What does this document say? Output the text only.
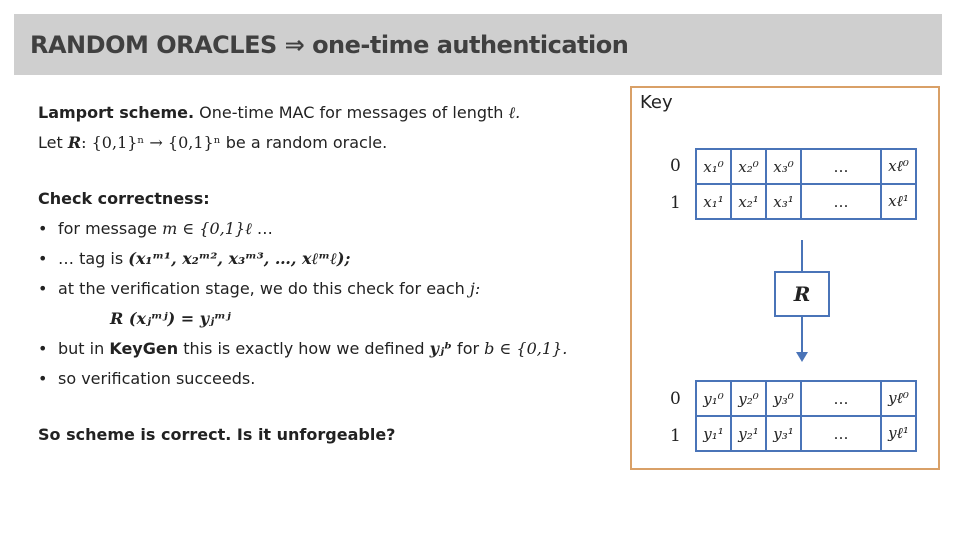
RANDOM ORACLES ⇒ one-time authentication
Lamport scheme. One-time MAC for messages of length ℓ.
Let R: {0,1}ⁿ → {0,1}ⁿ be a random oracle.
Check correctness:
• for message m ∈ {0,1}ℓ …
• … tag is (x₁ᵐ¹, x₂ᵐ², x₃ᵐ³, …, xℓᵐℓ);
• at the verification stage, we do this check for each j:
R (xⱼᵐʲ) = yⱼᵐʲ
• but in KeyGen this is exactly how we defined yⱼᵇ for b ∈ {0,1}.
• so verification succeeds.
So scheme is correct. Is it unforgeable?
Key
0
1
x₁⁰ x₂⁰ x₃⁰	…	xℓ⁰
x₁¹ x₂¹ x₃¹	…	xℓ¹
R
0
1
y₁⁰ y₂⁰ y₃⁰	…	yℓ⁰
y₁¹ y₂¹ y₃¹	…	yℓ¹
